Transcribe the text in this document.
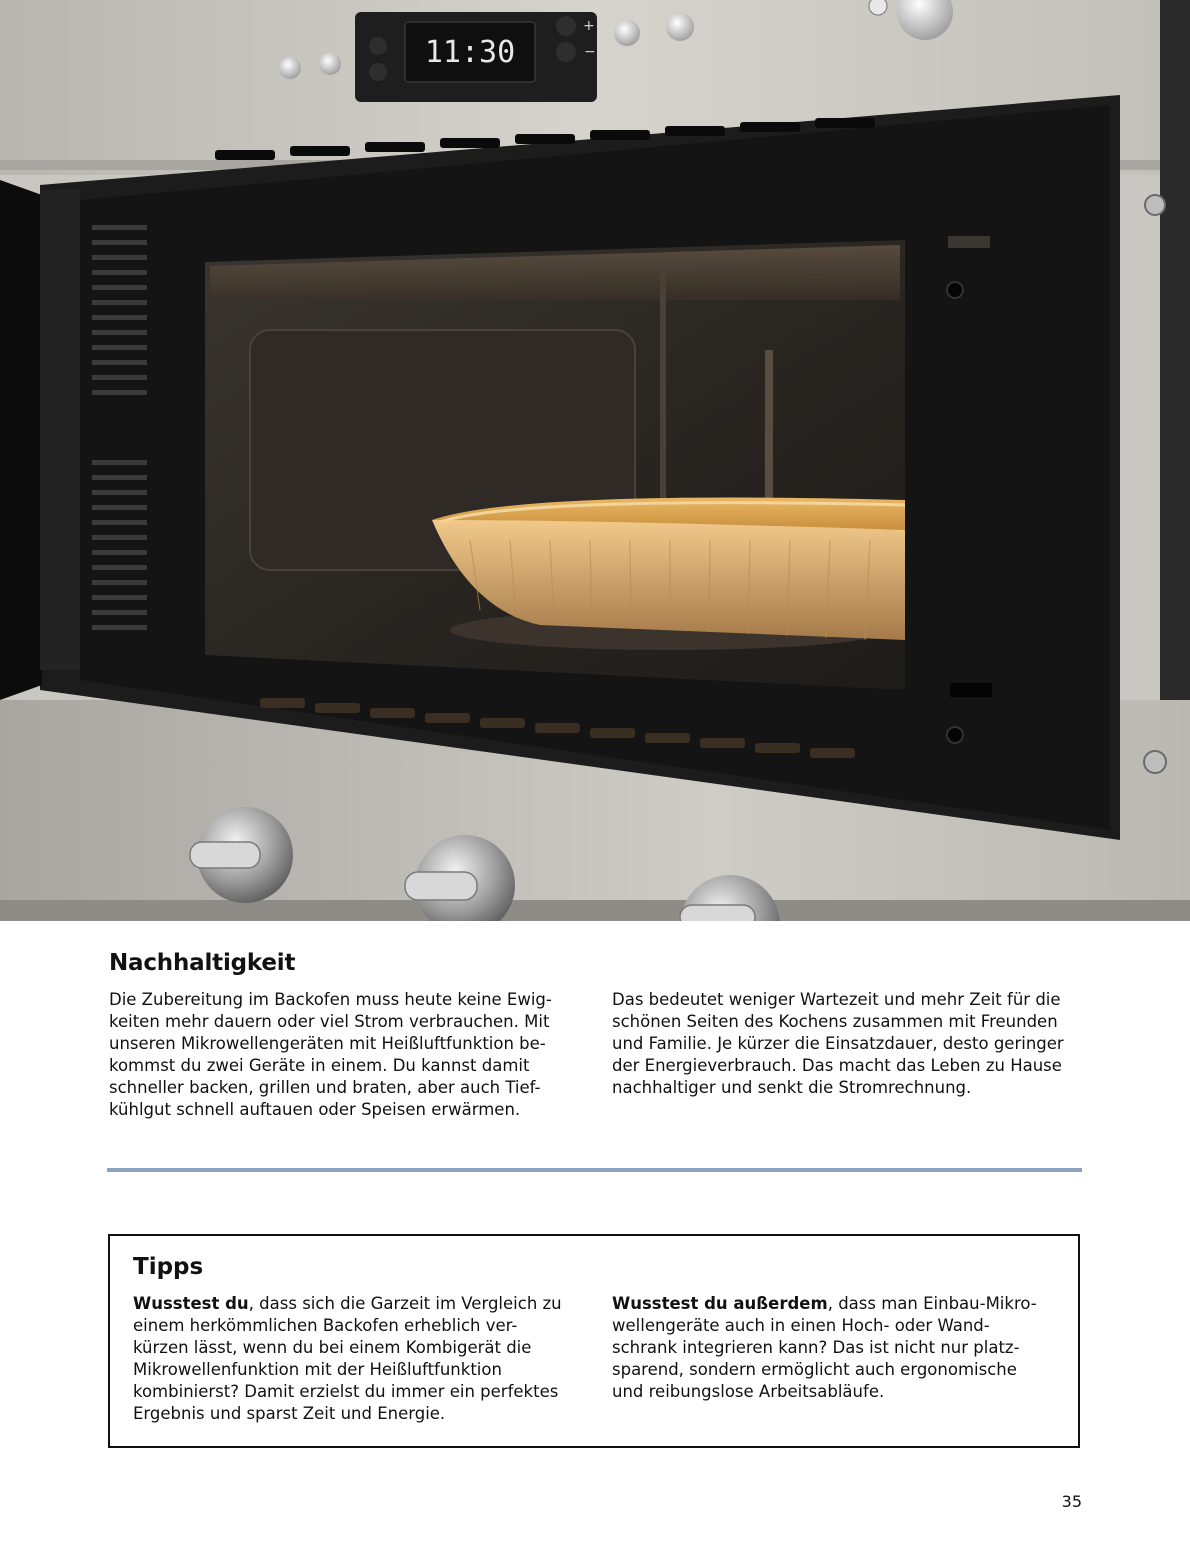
11:30
+
−
Nachhaltigkeit

Die Zubereitung im Backofen muss heute keine Ewig-

keiten mehr dauern oder viel Strom verbrauchen. Mit

unseren Mikrowellengeräten mit Heißluftfunktion be-

kommst du zwei Geräte in einem. Du kannst damit

schneller backen, grillen und braten, aber auch Tief-

kühlgut schnell auftauen oder Speisen erwärmen.

Das bedeutet weniger Wartezeit und mehr Zeit für die

schönen Seiten des Kochens zusammen mit Freunden

und Familie. Je kürzer die Einsatzdauer, desto geringer

der Energieverbrauch. Das macht das Leben zu Hause

nachhaltiger und senkt die Stromrechnung.

Tipps

Wusstest du, dass sich die Garzeit im Vergleich zu

einem herkömmlichen Backofen erheblich ver-

kürzen lässt, wenn du bei einem Kombigerät die

Mikrowellenfunktion mit der Heißluftfunktion

kombinierst? Damit erzielst du immer ein perfektes

Ergebnis und sparst Zeit und Energie.

Wusstest du außerdem, dass man Einbau-Mikro-

wellengeräte auch in einen Hoch- oder Wand-

schrank integrieren kann? Das ist nicht nur platz-

sparend, sondern ermöglicht auch ergonomische

und reibungslose Arbeitsabläufe.

35
